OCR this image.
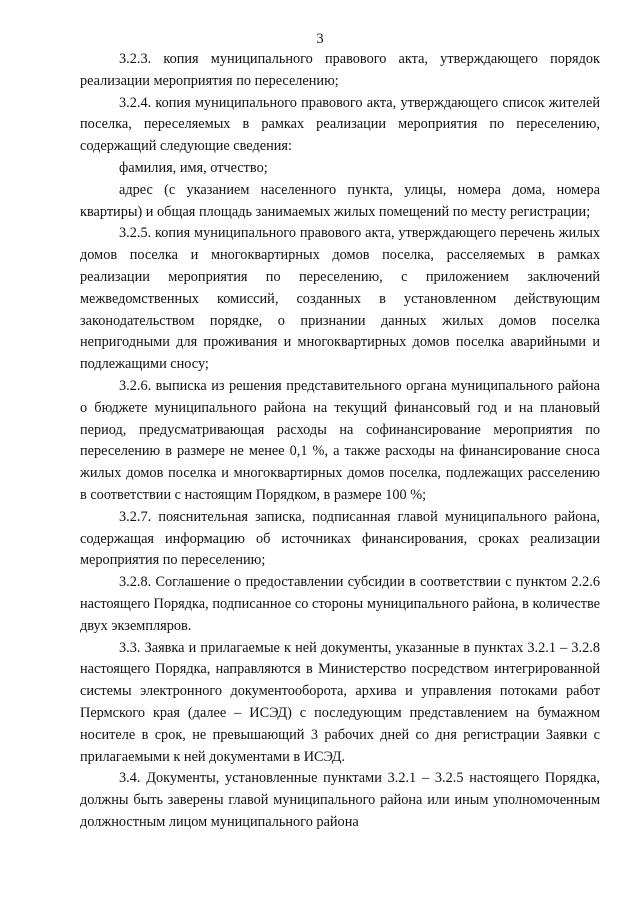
3

3.2.3. копия муниципального правового акта, утверждающего порядок реализации мероприятия по переселению;

3.2.4. копия муниципального правового акта, утверждающего список жителей поселка, переселяемых в рамках реализации мероприятия по переселению, содержащий следующие сведения:

фамилия, имя, отчество;

адрес (с указанием населенного пункта, улицы, номера дома, номера квартиры) и общая площадь занимаемых жилых помещений по месту регистрации;

3.2.5. копия муниципального правового акта, утверждающего перечень жилых домов поселка и многоквартирных домов поселка, расселяемых в рамках реализации мероприятия по переселению, с приложением заключений межведомственных комиссий, созданных в установленном действующим законодательством порядке, о признании данных жилых домов поселка непригодными для проживания и многоквартирных домов поселка аварийными и подлежащими сносу;

3.2.6. выписка из решения представительного органа муниципального района о бюджете муниципального района на текущий финансовый год и на плановый период, предусматривающая расходы на софинансирование мероприятия по переселению в размере не менее 0,1 %, а также расходы на финансирование сноса жилых домов поселка и многоквартирных домов поселка, подлежащих расселению в соответствии с настоящим Порядком, в размере 100 %;

3.2.7. пояснительная записка, подписанная главой муниципального района, содержащая информацию об источниках финансирования, сроках реализации мероприятия по переселению;

3.2.8. Соглашение о предоставлении субсидии в соответствии с пунктом 2.2.6 настоящего Порядка, подписанное со стороны муниципального района, в количестве двух экземпляров.

3.3. Заявка и прилагаемые к ней документы, указанные в пунктах 3.2.1 – 3.2.8 настоящего Порядка, направляются в Министерство посредством интегрированной системы электронного документооборота, архива и управления потоками работ Пермского края (далее – ИСЭД) с последующим представлением на бумажном носителе в срок, не превышающий 3 рабочих дней со дня регистрации Заявки с прилагаемыми к ней документами в ИСЭД.

3.4. Документы, установленные пунктами 3.2.1 – 3.2.5 настоящего Порядка, должны быть заверены главой муниципального района или иным уполномоченным должностным лицом муниципального района
